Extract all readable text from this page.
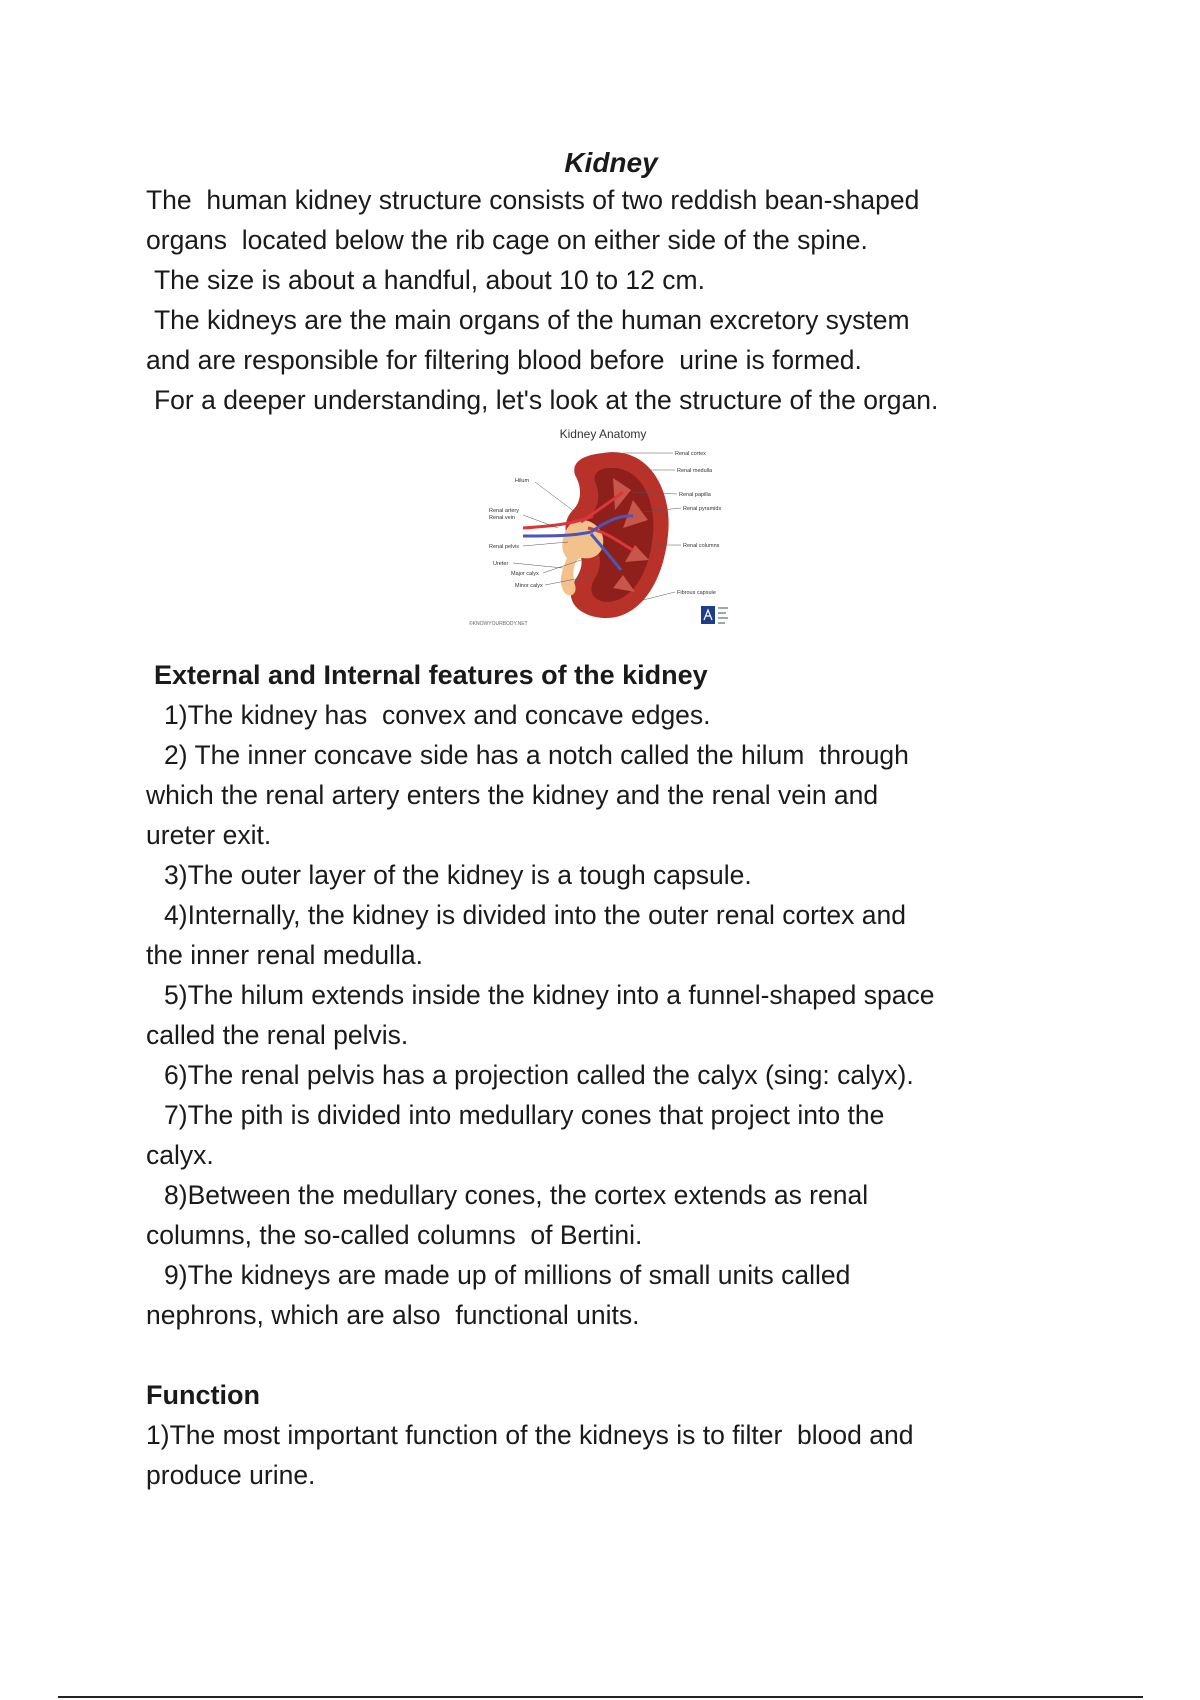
Kidney

The  human kidney structure consists of two reddish bean-shaped

organs  located below the rib cage on either side of the spine.

The size is about a handful, about 10 to 12 cm.

The kidneys are the main organs of the human excretory system

and are responsible for filtering blood before  urine is formed.

For a deeper understanding, let's look at the structure of the organ.

Kidney Anatomy
Hilum
Renal artery
Renal vein
Renal pelvis
Ureter
Major calyx
Minor calyx
Renal cortex
Renal medulla
Renal papilla
Renal pyramids
Renal columns
Fibrous capsule
©KNOWYOURBODY.NET

External and Internal features of the kidney

1)The kidney has  convex and concave edges.

2) The inner concave side has a notch called the hilum  through

which the renal artery enters the kidney and the renal vein and

ureter exit.

3)The outer layer of the kidney is a tough capsule.

4)Internally, the kidney is divided into the outer renal cortex and

the inner renal medulla.

5)The hilum extends inside the kidney into a funnel-shaped space

called the renal pelvis.

6)The renal pelvis has a projection called the calyx (sing: calyx).

7)The pith is divided into medullary cones that project into the

calyx.

8)Between the medullary cones, the cortex extends as renal

columns, the so-called columns  of Bertini.

9)The kidneys are made up of millions of small units called

nephrons, which are also  functional units.

Function

1)The most important function of the kidneys is to filter  blood and

produce urine.
